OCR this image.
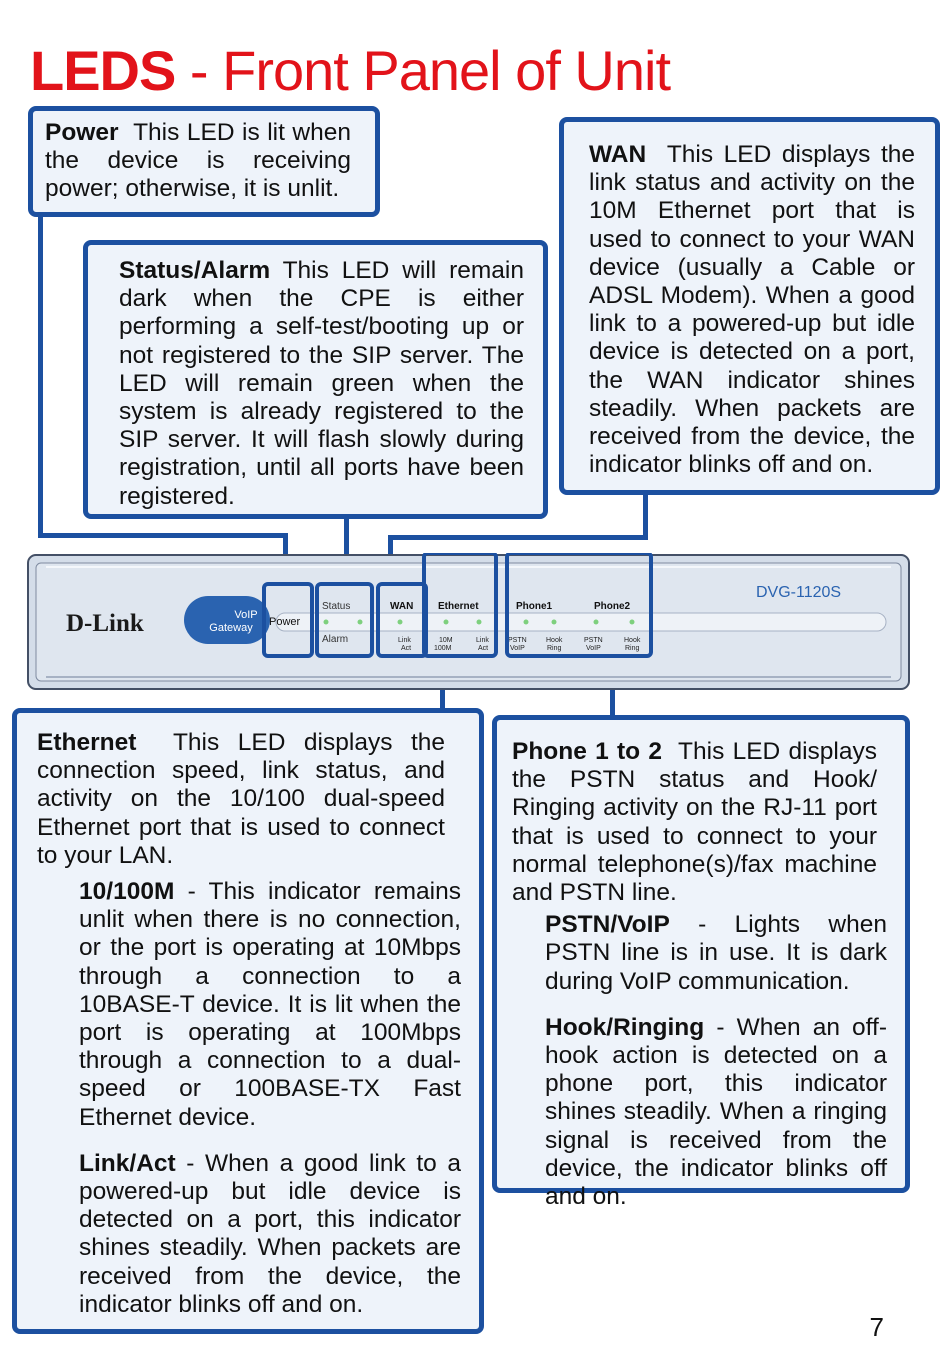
LEDS - Front Panel of Unit

Power This LED is lit when the device is receiving power; otherwise, it is unlit.

Status/Alarm This LED will remain dark when the CPE is either performing a self-test/booting up or not registered to the SIP server. The LED will remain green when the system is already registered to the SIP server. It will flash slowly during registration, until all ports have been registered.

WAN This LED displays the link status and activity on the 10M Ethernet port that is used to connect to your WAN device (usually a Cable or ADSL Modem). When a good link to a powered-up but idle device is detected on a port, the WAN indicator shines steadily. When packets are received from the device, the indicator blinks off and on.

D-Link	VoIP
Gateway
DVG-1120S
Power
Status
Alarm
WAN Ethernet	Phone1	Phone2
Link
Act
10M
100M
Link
Act
PSTN
VoIP
Hook
Ring
PSTN
VoIP
Hook
Ring

Ethernet This LED displays the connection speed, link status, and activity on the 10/100 dual-speed Ethernet port that is used to connect to your LAN.

10/100M - This indicator remains unlit when there is no connection, or the port is operating at 10Mbps through a connection to a 10BASE-T device. It is lit when the port is operating at 100Mbps through a connection to a dual-speed or 100BASE-TX Fast Ethernet device.

Link/Act - When a good link to a powered-up but idle device is detected on a port, this indicator shines steadily. When packets are received from the device, the indicator blinks off and on.

Phone 1 to 2 This LED displays the PSTN status and Hook/ Ringing activity on the RJ-11 port that is used to connect to your normal telephone(s)/fax machine and PSTN line.

PSTN/VoIP - Lights when PSTN line is in use. It is dark during VoIP communication.

Hook/Ringing - When an off-hook action is detected on a phone port, this indicator shines steadily. When a ringing signal is received from the device, the indicator blinks off and on.

7
